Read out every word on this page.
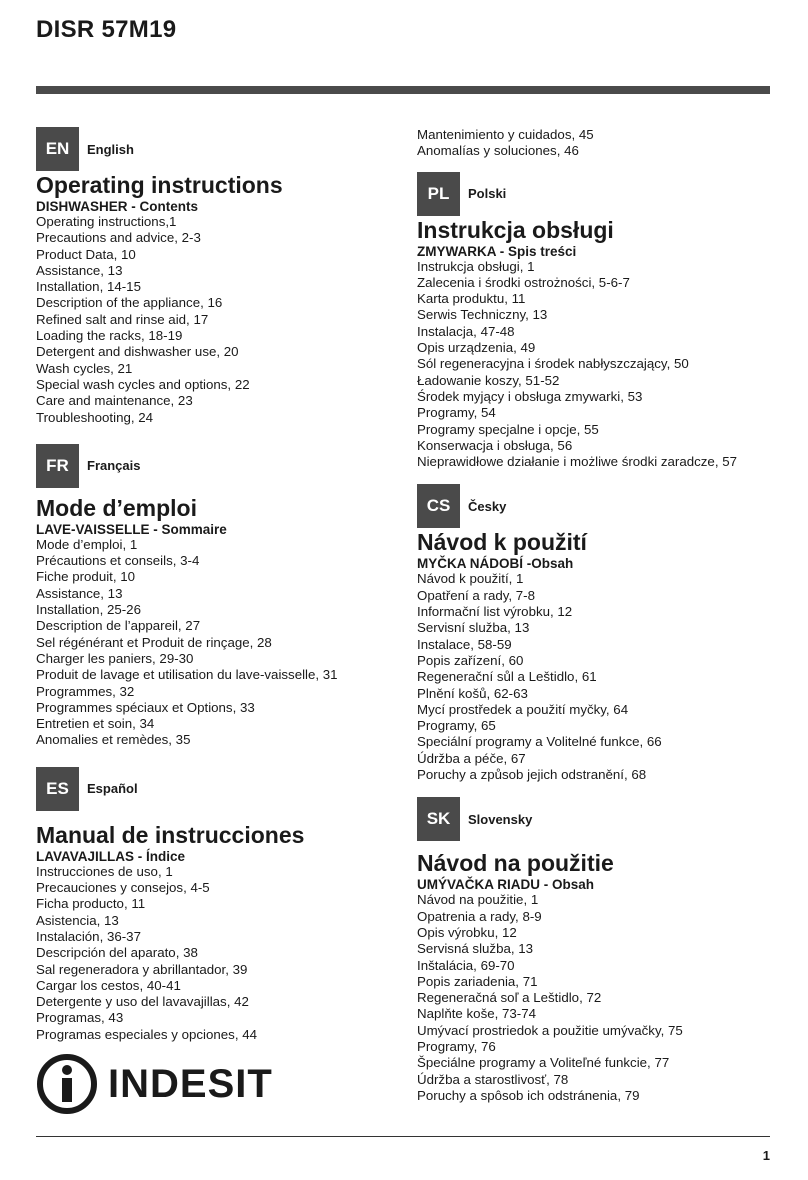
DISR 57M19
EN	English
Operating instructions
DISHWASHER - Contents
Operating instructions,1
Precautions and advice, 2-3
Product Data, 10
Assistance, 13
Installation, 14-15
Description of the appliance, 16
Refined salt and rinse aid, 17
Loading the racks, 18-19
Detergent and dishwasher use, 20
Wash cycles, 21
Special wash cycles and options, 22
Care and maintenance, 23
Troubleshooting, 24
FR	Français
Mode d’emploi
LAVE-VAISSELLE - Sommaire
Mode d’emploi, 1
Précautions et conseils, 3-4
Fiche produit, 10
Assistance, 13
Installation, 25-26
Description de l’appareil, 27
Sel régénérant et Produit de rinçage, 28
Charger les paniers, 29-30
Produit de lavage et utilisation du lave-vaisselle, 31
Programmes, 32
Programmes spéciaux et Options, 33
Entretien et soin, 34
Anomalies et remèdes, 35
ES	Español
Manual de instrucciones
LAVAVAJILLAS - Índice
Instrucciones de uso, 1
Precauciones y consejos, 4-5
Ficha producto, 11
Asistencia, 13
Instalación, 36-37
Descripción del aparato, 38
Sal regeneradora y abrillantador, 39
Cargar los cestos, 40-41
Detergente y uso del lavavajillas, 42
Programas, 43
Programas especiales y opciones, 44
Mantenimiento y cuidados, 45
Anomalías y soluciones, 46
PL	Polski
Instrukcja obsługi
ZMYWARKA - Spis treści
Instrukcja obsługi, 1
Zalecenia i środki ostrożności, 5-6-7
Karta produktu, 11
Serwis Techniczny, 13
Instalacja, 47-48
Opis urządzenia, 49
Sól regeneracyjna i środek nabłyszczający, 50
Ładowanie koszy, 51-52
Środek myjący i obsługa zmywarki, 53
Programy, 54
Programy specjalne i opcje, 55
Konserwacja i obsługa, 56
Nieprawidłowe działanie i możliwe środki zaradcze, 57
CS	Česky
Návod k použití
MYČKA NÁDOBÍ -Obsah
Návod k použití, 1
Opatření a rady, 7-8
Informační list výrobku, 12
Servisní služba, 13
Instalace, 58-59
Popis zařízení, 60
Regenerační sůl a Leštidlo, 61
Plnění košů, 62-63
Mycí prostředek a použití myčky, 64
Programy, 65
Speciální programy a Volitelné funkce, 66
Údržba a péče, 67
Poruchy a způsob jejich odstranění, 68
SK	Slovensky
Návod na použitie
UMÝVAČKA RIADU - Obsah
Návod na použitie, 1
Opatrenia a rady, 8-9
Opis výrobku, 12
Servisná služba, 13
Inštalácia, 69-70
Popis zariadenia, 71
Regeneračná soľ a Leštidlo, 72
Naplňte koše, 73-74
Umývací prostriedok a použitie umývačky, 75
Programy, 76
Špeciálne programy a Voliteľné funkcie, 77
Údržba a starostlivosť, 78
Poruchy a spôsob ich odstránenia, 79
INDESIT
1
